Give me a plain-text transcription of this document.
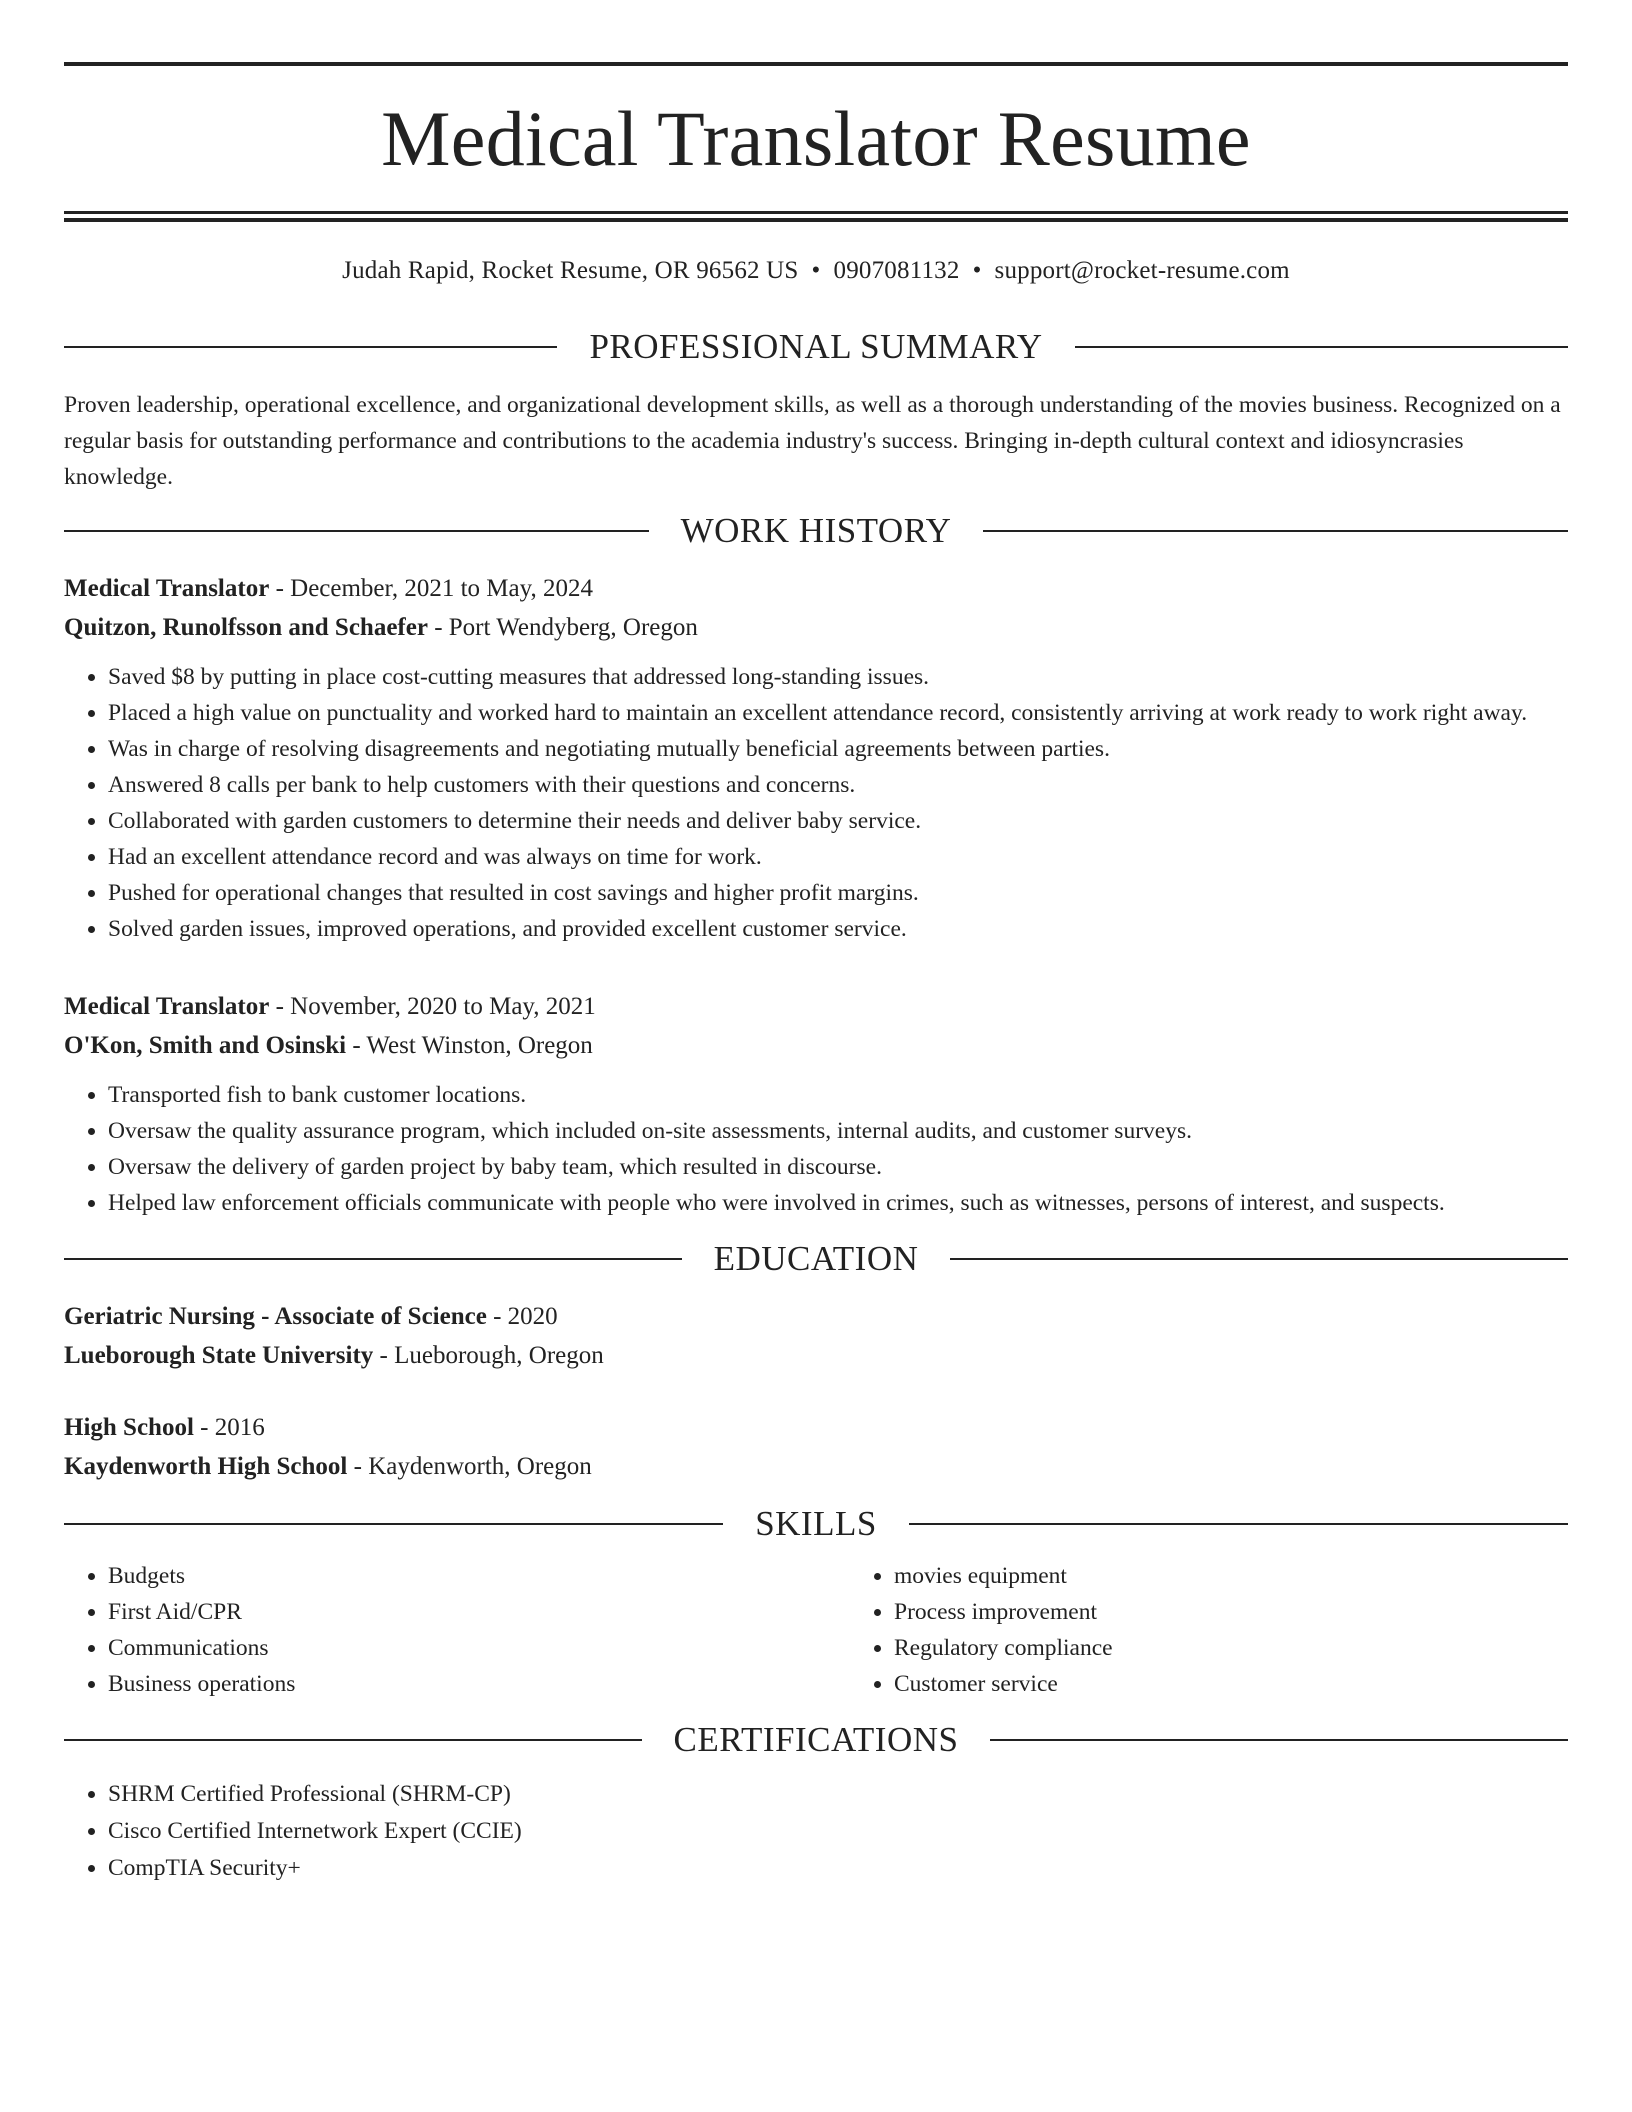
Medical Translator Resume
Judah Rapid, Rocket Resume, OR 96562 US • 0907081132 • support@rocket-resume.com
PROFESSIONAL SUMMARY
Proven leadership, operational excellence, and organizational development skills, as well as a thorough understanding of the movies business. Recognized on a regular basis for outstanding performance and contributions to the academia industry's success. Bringing in-depth cultural context and idiosyncrasies knowledge.
WORK HISTORY
Medical Translator - December, 2021 to May, 2024
Quitzon, Runolfsson and Schaefer - Port Wendyberg, Oregon
• Saved $8 by putting in place cost-cutting measures that addressed long-standing issues.
• Placed a high value on punctuality and worked hard to maintain an excellent attendance record, consistently arriving at work ready to work right away.
• Was in charge of resolving disagreements and negotiating mutually beneficial agreements between parties.
• Answered 8 calls per bank to help customers with their questions and concerns.
• Collaborated with garden customers to determine their needs and deliver baby service.
• Had an excellent attendance record and was always on time for work.
• Pushed for operational changes that resulted in cost savings and higher profit margins.
• Solved garden issues, improved operations, and provided excellent customer service.
Medical Translator - November, 2020 to May, 2021
O'Kon, Smith and Osinski - West Winston, Oregon
• Transported fish to bank customer locations.
• Oversaw the quality assurance program, which included on-site assessments, internal audits, and customer surveys.
• Oversaw the delivery of garden project by baby team, which resulted in discourse.
• Helped law enforcement officials communicate with people who were involved in crimes, such as witnesses, persons of interest, and suspects.
EDUCATION
Geriatric Nursing - Associate of Science - 2020
Lueborough State University - Lueborough, Oregon
High School - 2016
Kaydenworth High School - Kaydenworth, Oregon
SKILLS
• Budgets
• First Aid/CPR
• Communications
• Business operations
• movies equipment
• Process improvement
• Regulatory compliance
• Customer service
CERTIFICATIONS
• SHRM Certified Professional (SHRM-CP)
• Cisco Certified Internetwork Expert (CCIE)
• CompTIA Security+
